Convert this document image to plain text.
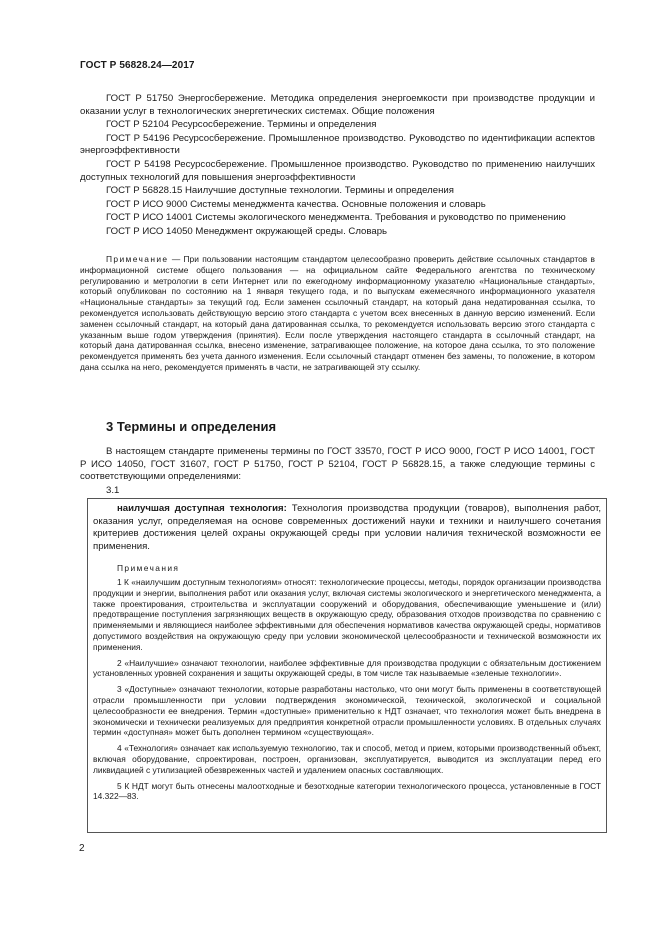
ГОСТ Р 56828.24—2017

ГОСТ Р 51750 Энергосбережение. Методика определения энергоемкости при производстве продукции и оказании услуг в технологических энергетических системах. Общие положения

ГОСТ Р 52104 Ресурсосбережение. Термины и определения

ГОСТ Р 54196 Ресурсосбережение. Промышленное производство. Руководство по идентификации аспектов энергоэффективности

ГОСТ Р 54198 Ресурсосбережение. Промышленное производство. Руководство по применению наилучших доступных технологий для повышения энергоэффективности

ГОСТ Р 56828.15 Наилучшие доступные технологии. Термины и определения

ГОСТ Р ИСО 9000 Системы менеджмента качества. Основные положения и словарь

ГОСТ Р ИСО 14001 Системы экологического менеджмента. Требования и руководство по применению

ГОСТ Р ИСО 14050 Менеджмент окружающей среды. Словарь

Примечание — При пользовании настоящим стандартом целесообразно проверить действие ссылочных стандартов в информационной системе общего пользования — на официальном сайте Федерального агентства по техническому регулированию и метрологии в сети Интернет или по ежегодному информационному указателю «Национальные стандарты», который опубликован по состоянию на 1 января текущего года, и по выпускам ежемесячного информационного указателя «Национальные стандарты» за текущий год. Если заменен ссылочный стандарт, на который дана недатированная ссылка, то рекомендуется использовать действующую версию этого стандарта с учетом всех внесенных в данную версию изменений. Если заменен ссылочный стандарт, на который дана датированная ссылка, то рекомендуется использовать версию этого стандарта с указанным выше годом утверждения (принятия). Если после утверждения настоящего стандарта в ссылочный стандарт, на который дана датированная ссылка, внесено изменение, затрагивающее положение, на которое дана ссылка, то это положение рекомендуется применять без учета данного изменения. Если ссылочный стандарт отменен без замены, то положение, в котором дана ссылка на него, рекомендуется применять в части, не затрагивающей эту ссылку.
3 Термины и определения
В настоящем стандарте применены термины по ГОСТ 33570, ГОСТ Р ИСО 9000, ГОСТ Р ИСО 14001, ГОСТ Р ИСО 14050, ГОСТ 31607, ГОСТ Р 51750, ГОСТ Р 52104, ГОСТ Р 56828.15, а также следующие термины с соответствующими определениями:
3.1
наилучшая доступная технология: Технология производства продукции (товаров), выполнения работ, оказания услуг, определяемая на основе современных достижений науки и техники и наилучшего сочетания критериев достижения целей охраны окружающей среды при условии наличия технической возможности ее применения.
Примечания

1 К «наилучшим доступным технологиям» относят: технологические процессы, методы, порядок организации производства продукции и энергии, выполнения работ или оказания услуг, включая системы экологического и энергетического менеджмента, а также проектирования, строительства и эксплуатации сооружений и оборудования, обеспечивающие уменьшение и (или) предотвращение поступления загрязняющих веществ в окружающую среду, образования отходов производства по сравнению с применяемыми и являющиеся наиболее эффективными для обеспечения нормативов качества окружающей среды, нормативов допустимого воздействия на окружающую среду при условии экономической целесообразности и технической возможности их применения.

2 «Наилучшие» означают технологии, наиболее эффективные для производства продукции с обязательным достижением установленных уровней сохранения и защиты окружающей среды, в том числе так называемые «зеленые технологии».

3 «Доступные» означают технологии, которые разработаны настолько, что они могут быть применены в соответствующей отрасли промышленности при условии подтверждения экономической, технической, экологической и социальной целесообразности ее внедрения. Термин «доступные» применительно к НДТ означает, что технология может быть внедрена в экономически и технически реализуемых для предприятия конкретной отрасли промышленности условиях. В отдельных случаях термин «доступная» может быть дополнен термином «существующая».

4 «Технология» означает как используемую технологию, так и способ, метод и прием, которыми производственный объект, включая оборудование, спроектирован, построен, организован, эксплуатируется, выводится из эксплуатации перед его ликвидацией с утилизацией обезвреженных частей и удалением опасных составляющих.

5 К НДТ могут быть отнесены малоотходные и безотходные категории технологического процесса, установленные в ГОСТ 14.322—83.

2
